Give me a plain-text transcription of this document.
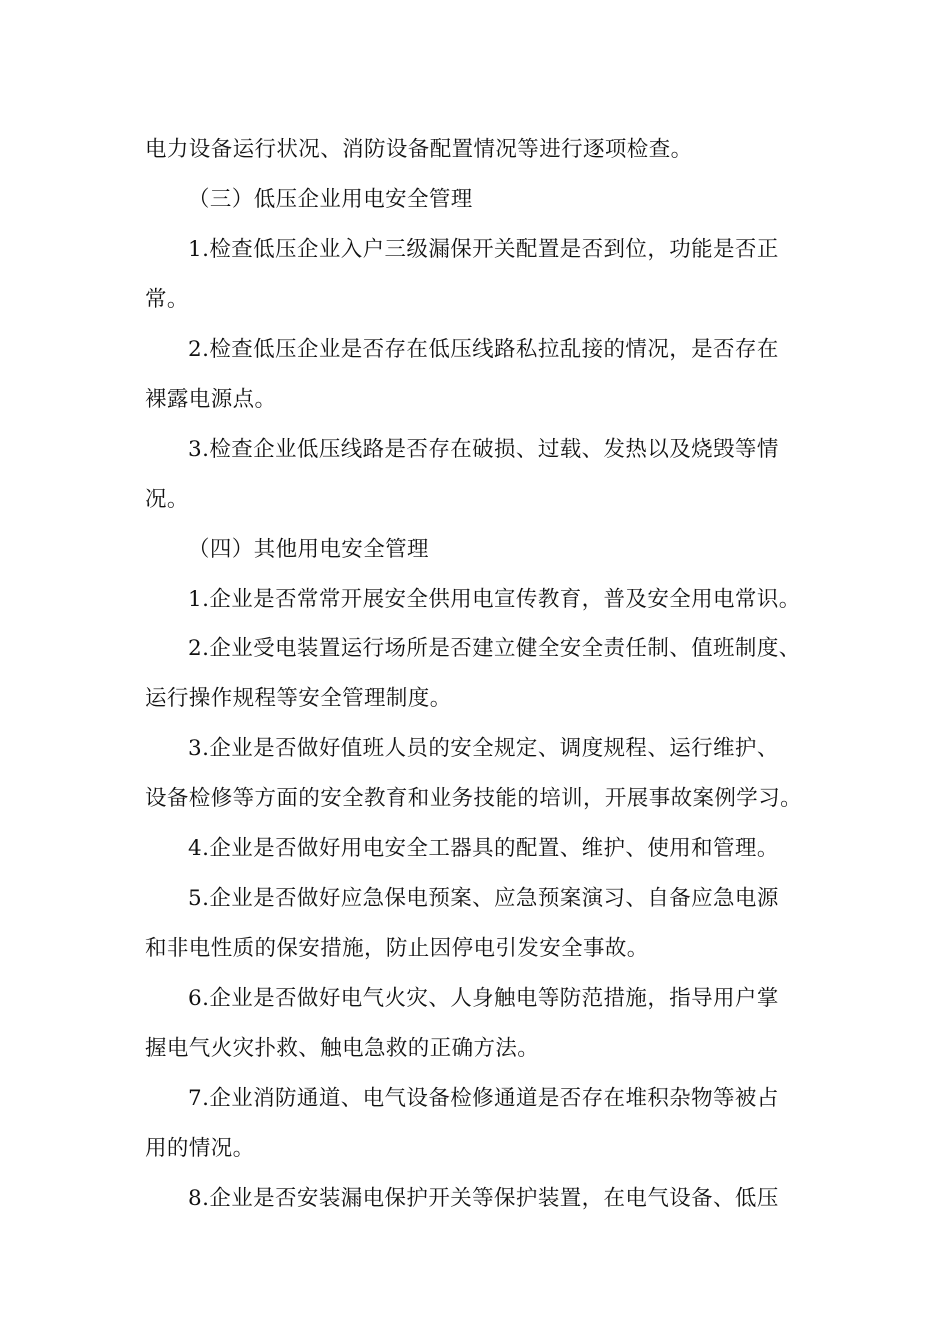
电力设备运行状况、消防设备配置情况等进行逐项检查。
（三）低压企业用电安全管理
1.检查低压企业入户三级漏保开关配置是否到位，功能是否正
常。
2.检查低压企业是否存在低压线路私拉乱接的情况，是否存在
裸露电源点。
3.检查企业低压线路是否存在破损、过载、发热以及烧毁等情
况。
（四）其他用电安全管理
1.企业是否常常开展安全供用电宣传教育，普及安全用电常识。
2.企业受电装置运行场所是否建立健全安全责任制、值班制度、
运行操作规程等安全管理制度。
3.企业是否做好值班人员的安全规定、调度规程、运行维护、
设备检修等方面的安全教育和业务技能的培训，开展事故案例学习。
4.企业是否做好用电安全工器具的配置、维护、使用和管理。
5.企业是否做好应急保电预案、应急预案演习、自备应急电源
和非电性质的保安措施，防止因停电引发安全事故。
6.企业是否做好电气火灾、人身触电等防范措施，指导用户掌
握电气火灾扑救、触电急救的正确方法。
7.企业消防通道、电气设备检修通道是否存在堆积杂物等被占
用的情况。
8.企业是否安装漏电保护开关等保护装置，在电气设备、低压
